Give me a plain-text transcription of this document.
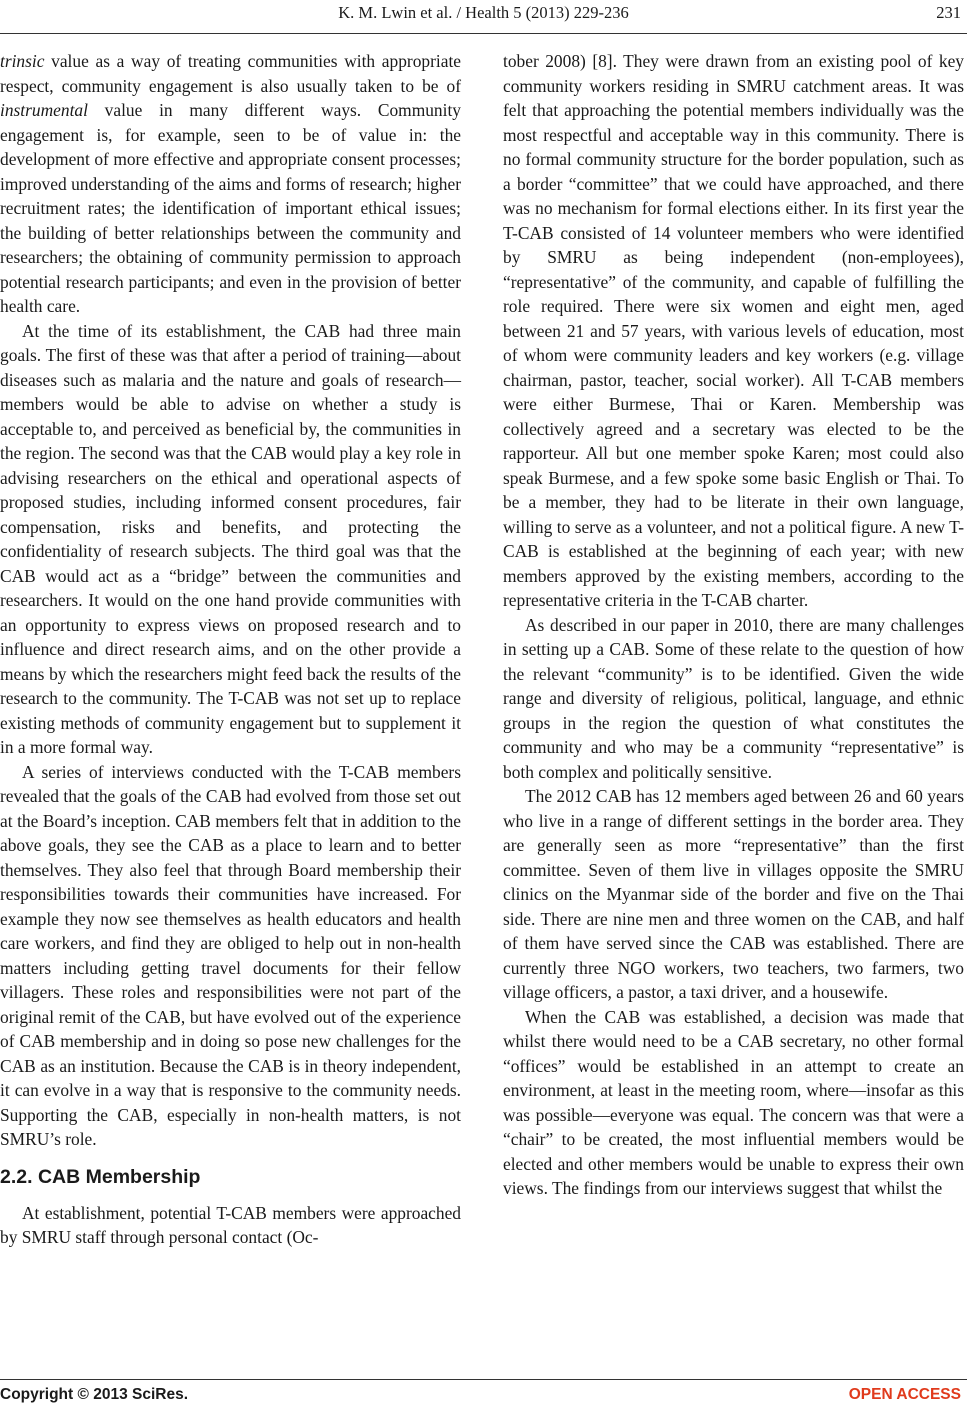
K. M. Lwin et al. / Health 5 (2013) 229-236	231

trinsic value as a way of treating communities with appropriate respect, community engagement is also usually taken to be of instrumental value in many different ways. Community engagement is, for example, seen to be of value in: the development of more effective and appropriate consent processes; improved understanding of the aims and forms of research; higher recruitment rates; the identification of important ethical issues; the building of better relationships between the community and researchers; the obtaining of community permission to approach potential research participants; and even in the provision of better health care.

At the time of its establishment, the CAB had three main goals. The first of these was that after a period of training—about diseases such as malaria and the nature and goals of research—members would be able to advise on whether a study is acceptable to, and perceived as beneficial by, the communities in the region. The second was that the CAB would play a key role in advising researchers on the ethical and operational aspects of proposed studies, including informed consent procedures, fair compensation, risks and benefits, and protecting the confidentiality of research subjects. The third goal was that the CAB would act as a “bridge” between the communities and researchers. It would on the one hand provide communities with an opportunity to express views on proposed research and to influence and direct research aims, and on the other provide a means by which the researchers might feed back the results of the research to the community. The T-CAB was not set up to replace existing methods of community engagement but to supplement it in a more formal way.

A series of interviews conducted with the T-CAB members revealed that the goals of the CAB had evolved from those set out at the Board’s inception. CAB members felt that in addition to the above goals, they see the CAB as a place to learn and to better themselves. They also feel that through Board membership their responsibilities towards their communities have increased. For example they now see themselves as health educators and health care workers, and find they are obliged to help out in non-health matters including getting travel documents for their fellow villagers. These roles and responsibilities were not part of the original remit of the CAB, but have evolved out of the experience of CAB membership and in doing so pose new challenges for the CAB as an institution. Because the CAB is in theory independent, it can evolve in a way that is responsive to the community needs. Supporting the CAB, especially in non-health matters, is not SMRU’s role.

2.2. CAB Membership

At establishment, potential T-CAB members were approached by SMRU staff through personal contact (Oc-

tober 2008) [8]. They were drawn from an existing pool of key community workers residing in SMRU catchment areas. It was felt that approaching the potential members individually was the most respectful and acceptable way in this community. There is no formal community structure for the border population, such as a border “committee” that we could have approached, and there was no mechanism for formal elections either. In its first year the T-CAB consisted of 14 volunteer members who were identified by SMRU as being independent (non-employees), “representative” of the community, and capable of fulfilling the role required. There were six women and eight men, aged between 21 and 57 years, with various levels of education, most of whom were community leaders and key workers (e.g. village chairman, pastor, teacher, social worker). All T-CAB members were either Burmese, Thai or Karen. Membership was collectively agreed and a secretary was elected to be the rapporteur. All but one member spoke Karen; most could also speak Burmese, and a few spoke some basic English or Thai. To be a member, they had to be literate in their own language, willing to serve as a volunteer, and not a political figure. A new T-CAB is established at the beginning of each year; with new members approved by the existing members, according to the representative criteria in the T-CAB charter.

As described in our paper in 2010, there are many challenges in setting up a CAB. Some of these relate to the question of how the relevant “community” is to be identified. Given the wide range and diversity of religious, political, language, and ethnic groups in the region the question of what constitutes the community and who may be a community “representative” is both complex and politically sensitive.

The 2012 CAB has 12 members aged between 26 and 60 years who live in a range of different settings in the border area. They are generally seen as more “representative” than the first committee. Seven of them live in villages opposite the SMRU clinics on the Myanmar side of the border and five on the Thai side. There are nine men and three women on the CAB, and half of them have served since the CAB was established. There are currently three NGO workers, two teachers, two farmers, two village officers, a pastor, a taxi driver, and a housewife.

When the CAB was established, a decision was made that whilst there would need to be a CAB secretary, no other formal “offices” would be established in an attempt to create an environment, at least in the meeting room, where—insofar as this was possible—everyone was equal. The concern was that were a “chair” to be created, the most influential members would be elected and other members would be unable to express their own views. The findings from our interviews suggest that whilst the

Copyright © 2013 SciRes.	OPEN ACCESS
